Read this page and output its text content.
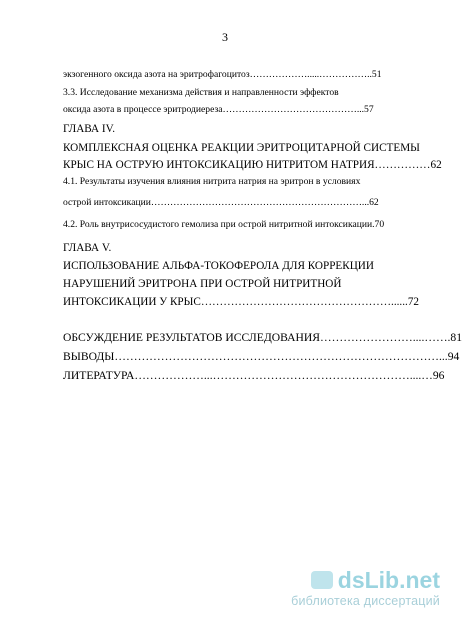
3
экзогенного оксида азота на эритрофагоцитоз……………….....……………..51
3.3. Исследование механизма действия и направленности эффектов
оксида азота в процессе эритродиереза……………………………………...57
ГЛАВА IV.
КОМПЛЕКСНАЯ ОЦЕНКА РЕАКЦИИ ЭРИТРОЦИТАРНОЙ СИСТЕМЫ
КРЫС НА ОСТРУЮ ИНТОКСИКАЦИЮ НИТРИТОМ НАТРИЯ……………62
4.1. Результаты изучения влияния нитрита натрия на эритрон в условиях
острой интоксикации…………………………………………………………...62
4.2. Роль внутрисосудистого гемолиза при острой нитритной интоксикации.70
ГЛАВА V.
ИСПОЛЬЗОВАНИЕ АЛЬФА-ТОКОФЕРОЛА ДЛЯ КОРРЕКЦИИ
НАРУШЕНИЙ ЭРИТРОНА ПРИ ОСТРОЙ НИТРИТНОЙ
ИНТОКСИКАЦИИ У КРЫС……………………………………………......72
ОБСУЖДЕНИЕ РЕЗУЛЬТАТОВ ИССЛЕДОВАНИЯ……………………....…….81
ВЫВОДЫ…………………………………………………………………………...94
ЛИТЕРАТУРА………………...……………………………………………....…96
dsLib.net
библиотека диссертаций
